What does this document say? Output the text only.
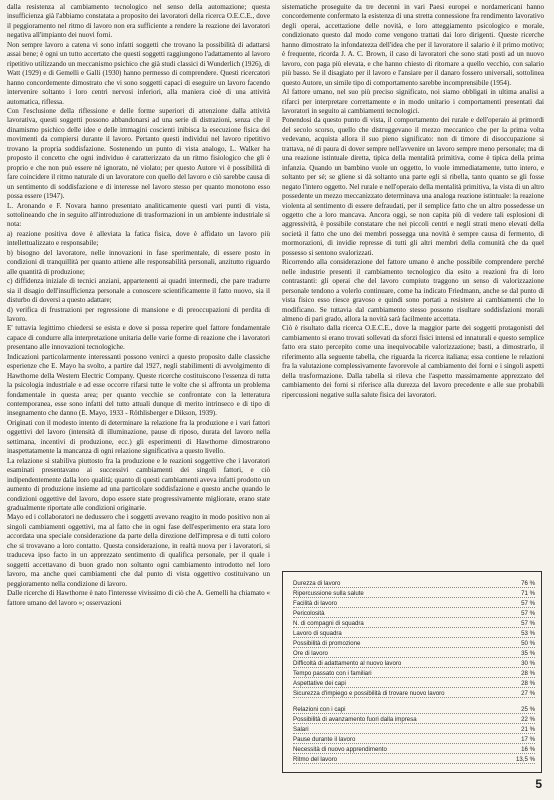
dalla resistenza al cambiamento tecnologico nel senso della automazione; questa insufficienza già l'abbiamo constatata a proposito dei lavoratori della ricerca O.E.C.E., dove il peggioramento nel ritmo di lavoro non era sufficiente a rendere la reazione dei lavoratori negativa all'impianto dei nuovi forni.

Non sempre lavoro a catena vi sono infatti soggetti che trovano la possibilità di adattarsi assai bene; è ogni un tutto accertato che questi soggetti raggiungono l'adattamento al lavoro ripetitivo utilizzando un meccanismo psichico che già studi classici di Wunderlich (1926), di Watt (1929) e di Gemelli e Galli (1930) hanno permesso di comprendere. Questi ricercatori hanno concordemente dimostrato che vi sono soggetti capaci di eseguire un lavoro facendo intervenire soltanto i loro centri nervosi inferiori, alla maniera cioè di una attività automatica, riflessa.

Con l'esclusione della riflessione e delle forme superiori di attenzione dalla attività lavorativa, questi soggetti possono abbandonarsi ad una serie di distrazioni, senza che il dinamismo psichico delle idee e delle immagini coscienti inibisca la esecuzione fisica dei movimenti da compiersi durante il lavoro. Pertanto questi individui nel lavoro ripetitivo trovano la propria soddisfazione. Sostenendo un punto di vista analogo, L. Walker ha proposto il concetto che ogni individuo è caratterizzato da un ritmo fisiologico che gli è proprio e che non può essere né ignorato, né violato; per questo Autore vi è possibilità di fare coincidere il ritmo naturale di un lavoratore con quello del lavoro e ciò sarebbe causa di un sentimento di soddisfazione e di interesse nel lavoro stesso per quanto monotono esso possa essere (1947).

L. Aronando e F. Novara hanno presentato analiticamente questi vari punti di vista, sottolineando che in seguito all'introduzione di trasformazioni in un ambiente industriale si nota:

a) reazione positiva dove è alleviata la fatica fisica, dove è affidato un lavoro più intellettualizzato e responsabile;

b) bisogno del lavoratore, nelle innovazioni in fase sperimentale, di essere posto in condizioni di tranquillità per quanto attiene alle responsabilità personali, anzitutto riguardo alle quantità di produzione;

c) diffidenza iniziale di tecnici anziani, appartenenti ai quadri intermedi, che pare tradurre sia il disagio dell'insufficienza personale a conoscere scientificamente il fatto nuovo, sia il disturbo di doversi a questo adattare;

d) verifica di frustrazioni per regressione di mansione e di preoccupazioni di perdita di lavoro.

E' tuttavia legittimo chiedersi se esista e dove si possa reperire quel fattore fondamentale capace di condurre alla interpretazione unitaria delle varie forme di reazione che i lavoratori presentano alle innovazioni tecnologiche.

Indicazioni particolarmente interessanti possono venirci a questo proposito dalle classiche esperienze che E. Mayo ha svolto, a partire dal 1927, negli stabilimenti di avvolgimento di Hawthorne della Western Electric Company. Queste ricerche costituiscono l'essenza di tutta la psicologia industriale e ad esse occorre rifarsi tutte le volte che si affronta un problema fondamentale in questa area; per quanto vecchie se confrontate con la letteratura contemporanea, esse sono infatti del tutto attuali dunque di merito intrinseco e di tipo di insegnamento che danno (E. Mayo, 1933 - Röthlisberger e Dikson, 1939).

Originati con il modesto intento di determinare la relazione fra la produzione e i vari fattori oggettivi del lavoro (intensità di illuminazione, pause di riposo, durata del lavoro nella settimana, incentivi di produzione, ecc.) gli esperimenti di Hawthorne dimostrarono inaspettatamente la mancanza di ogni relazione significativa a questo livello.

La relazione si stabiliva piuttosto fra la produzione e le reazioni soggettive che i lavoratori esaminati presentavano ai successivi cambiamenti dei singoli fattori, e ciò indipendentemente dalla loro qualità; quanto di questi cambiamenti aveva infatti prodotto un aumento di produzione insieme ad una particolare soddisfazione e questo anche quando le condizioni oggettive del lavoro, dopo essere state progressivamente migliorate, erano state gradualmente riportate alle condizioni originarie.

Mayo ed i collaboratori ne dedussero che i soggetti avevano reagito in modo positivo non ai singoli cambiamenti oggettivi, ma al fatto che in ogni fase dell'esperimento era stata loro accordata una speciale considerazione da parte della direzione dell'impresa e di tutti coloro che si trovavano a loro contatto. Questa considerazione, in realtà nuova per i lavoratori, si traduceva ipso facto in un apprezzato sentimento di qualifica personale, per il quale i soggetti accettavano di buon grado non soltanto ogni cambiamento introdotto nel loro lavoro, ma anche quei cambiamenti che dal punto di vista oggettivo costituivano un peggioramento nella condizione di lavoro.

Dalle ricerche di Hawthorne è nato l'interesse vivissimo di ciò che A. Gemelli ha chiamato « fattore umano del lavoro »; osservazioni

sistematiche proseguite da tre decenni in vari Paesi europei e nordamericani hanno concordemente confermato la esistenza di una stretta connessione fra rendimento lavorativo degli operai, accettazione delle novità, e loro atteggiamento psicologico e morale, condizionato questo dal modo come vengono trattati dai loro dirigenti. Queste ricerche hanno dimostrato la infondatezza dell'idea che per il lavoratore il salario è il primo motivo; è frequente, ricorda J. A. C. Brown, il caso di lavoratori che sono stati posti ad un nuovo lavoro, con paga più elevata, e che hanno chiesto di ritornare a quello vecchio, con salario più basso. Se il disagiato per il lavoro e l'ansiare per il danaro fossero universali, sottolinea questo Autore, un simile tipo di comportamento sarebbe incomprensibile (1954).

Al fattore umano, nel suo più preciso significato, noi siamo obbligati in ultima analisi a rifarci per interpretare correttamente e in modo unitario i comportamenti presentati dai lavoratori in seguito ai cambiamenti tecnologici.

Ponendosi da questo punto di vista, il comportamento dei rurale e dell'operaio ai primordi del secolo scorso, quello che distruggevano il mezzo meccanico che per la prima volta vedevano, acquista allora il suo pieno significato: non di timore di disoccupazione si trattava, né di paura di dover sempre nell'avvenire un lavoro sempre meno personale; ma di una reazione istintuale diretta, tipica della mentalità primitiva, come è tipica della prima infanzia. Quando un bambino vuole un oggetto, lo vuole immediatamente, tutto intero, e soltanto per sé; se gliene si dà soltanto una parte egli si ribella, tanto quanto se gli fosse negato l'intero oggetto. Nel rurale e nell'operaio della mentalità primitiva, la vista di un altro possedente un mezzo meccanizzato determinava una analoga reazione istintuale: la reazione violenta al sentimento di essere defraudati, per il semplice fatto che un altro possedesse un oggetto che a loro mancava. Ancora oggi, se non capita più di vedere tali esplosioni di aggressività, è possibile constatare che nei piccoli centri e negli strati meno elevati della società il fatto che uno dei membri possegga una novità è sempre causa di fermento, di mormorazioni, di invidie represse di tutti gli altri membri della comunità che da quel possesso si sentono svalorizzati.

Ricorrendo alla considerazione del fattore umano è anche possibile comprendere perché nelle industrie presenti il cambiamento tecnologico dia esito a reazioni fra di loro contrastanti: gli operai che del lavoro compiuto traggono un senso di valorizzazione personale tendono a volerlo continuare, come ha indicato Friedmann, anche se dal punto di vista fisico esso riesce gravoso e quindi sono portati a resistere ai cambiamenti che lo modificano. Se tuttavia dal cambiamento stesso possono risultare soddisfazioni morali almeno di pari grado, allora la novità sarà facilmente accettata.

Ciò è risultato dalla ricerca O.E.C.E., dove la maggior parte dei soggetti protagonisti del cambiamento si erano trovati sollevati da sforzi fisici intensi ed innaturali e questo semplice fatto era stato percepito come una inequivocabile valorizzazione; basti, a dimostrarlo, il riferimento alla seguente tabella, che riguarda la ricerca italiana; essa contiene le relazioni fra la valutazione complessivamente favorevole al cambiamento dei forni e i singoli aspetti della trasformazione. Dalla tabella si rileva che l'aspetto massimamente apprezzato del cambiamento dei forni si riferisce alla durezza del lavoro precedente e alle sue probabili ripercussioni negative sulla salute fisica dei lavoratori.

Durezza di lavoro	76 %
Ripercussione sulla salute	71 %
Facilità di lavoro	57 %
Pericolosità	57 %
N. di compagni di squadra	57 %
Lavoro di squadra	53 %
Possibilità di promozione	50 %
Ore di lavoro	35 %
Difficoltà di adattamento al nuovo lavoro	30 %
Tempo passato con i familiari	28 %
Aspettative dei capi	28 %
Sicurezza d'impiego e possibilità di trovare nuovo lavoro	27 %
Relazioni con i capi	25 %
Possibilità di avanzamento fuori dalla impresa	22 %
Salari	21 %
Pause durante il lavoro	17 %
Necessità di nuovo apprendimento	16 %
Ritmo del lavoro	13,5 %
5
